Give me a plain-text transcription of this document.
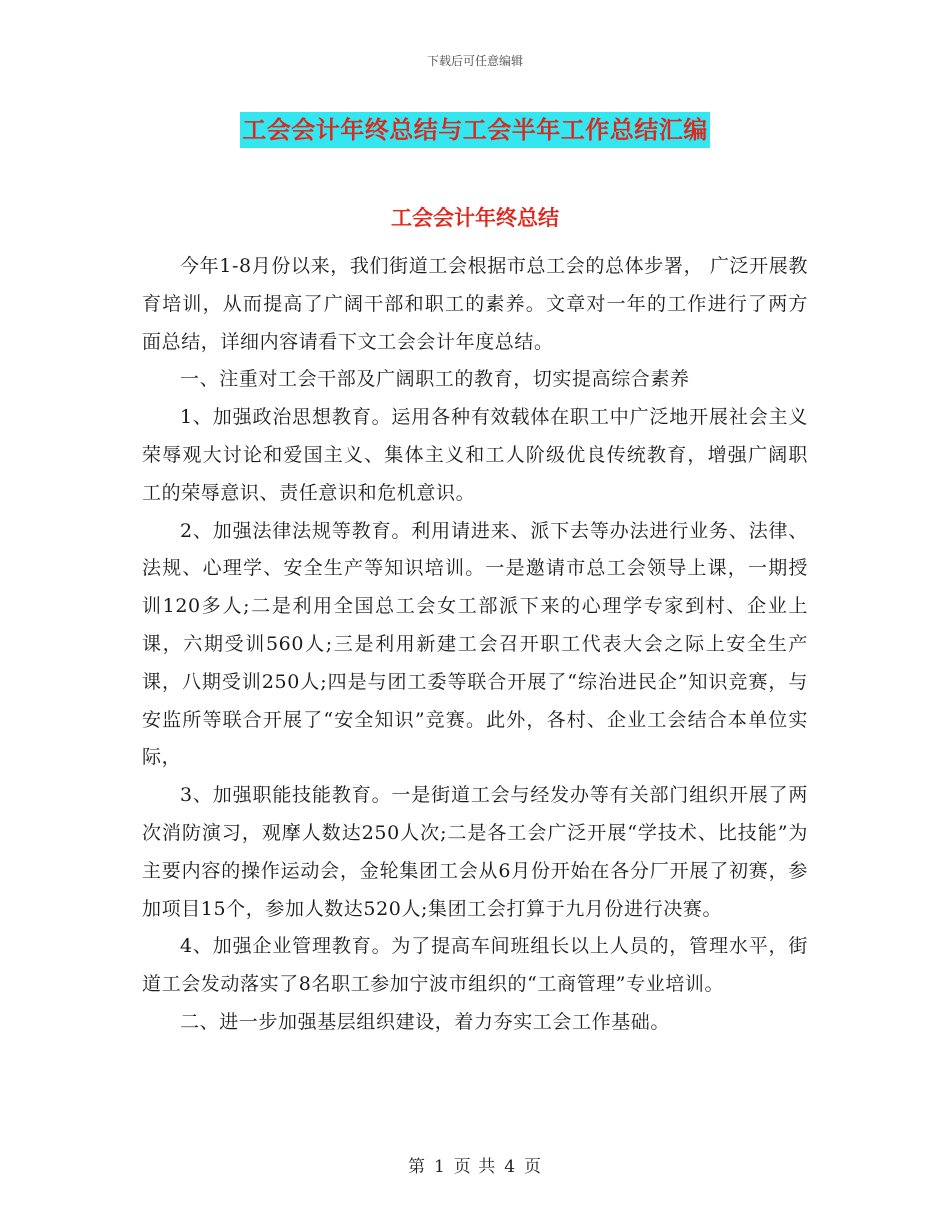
下载后可任意编辑
工会会计年终总结与工会半年工作总结汇编
工会会计年终总结

今年1-8月份以来，我们街道工会根据市总工会的总体步署， 广泛开展教育培训，从而提高了广阔干部和职工的素养。文章对一年的工作进行了两方面总结，详细内容请看下文工会会计年度总结。

一、注重对工会干部及广阔职工的教育，切实提高综合素养

1、加强政治思想教育。运用各种有效载体在职工中广泛地开展社会主义荣辱观大讨论和爱国主义、集体主义和工人阶级优良传统教育，增强广阔职工的荣辱意识、责任意识和危机意识。

2、加强法律法规等教育。利用请进来、派下去等办法进行业务、法律、法规、心理学、安全生产等知识培训。一是邀请市总工会领导上课，一期授训120多人;二是利用全国总工会女工部派下来的心理学专家到村、企业上课，六期受训560人;三是利用新建工会召开职工代表大会之际上安全生产课，八期受训250人;四是与团工委等联合开展了“综治进民企”知识竞赛，与安监所等联合开展了“安全知识”竞赛。此外，各村、企业工会结合本单位实际，

3、加强职能技能教育。一是街道工会与经发办等有关部门组织开展了两次消防演习，观摩人数达250人次;二是各工会广泛开展“学技术、比技能”为主要内容的操作运动会，金轮集团工会从6月份开始在各分厂开展了初赛，参加项目15个，参加人数达520人;集团工会打算于九月份进行决赛。

4、加强企业管理教育。为了提高车间班组长以上人员的，管理水平，街道工会发动落实了8名职工参加宁波市组织的“工商管理”专业培训。

二、进一步加强基层组织建设，着力夯实工会工作基础。

第 1 页 共 4 页
